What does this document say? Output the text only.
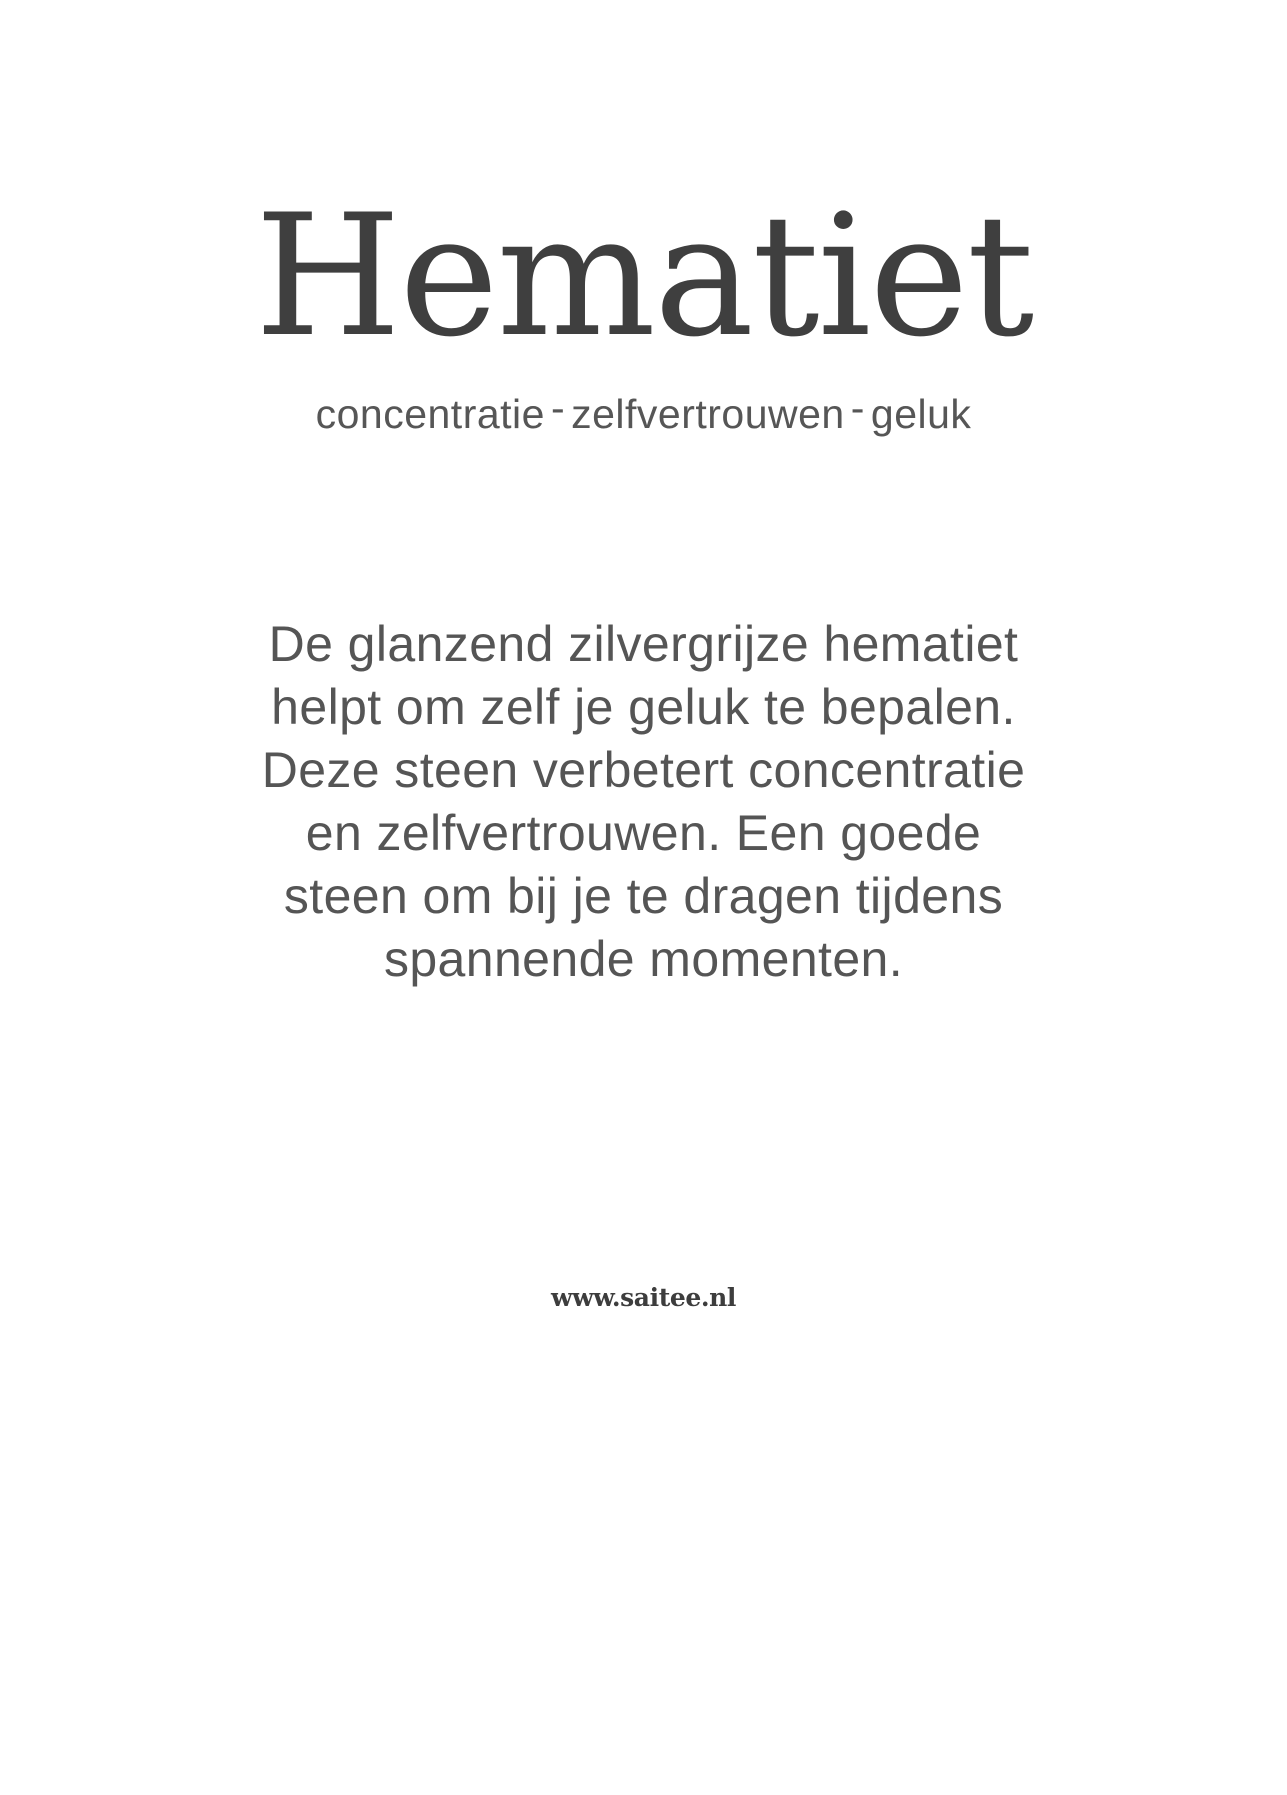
Hematiet

concentratie - zelfvertrouwen - geluk

De glanzend zilvergrijze hematiet helpt om zelf je geluk te bepalen. Deze steen verbetert concentratie en zelfvertrouwen. Een goede steen om bij je te dragen tijdens spannende momenten.

www.saitee.nl
